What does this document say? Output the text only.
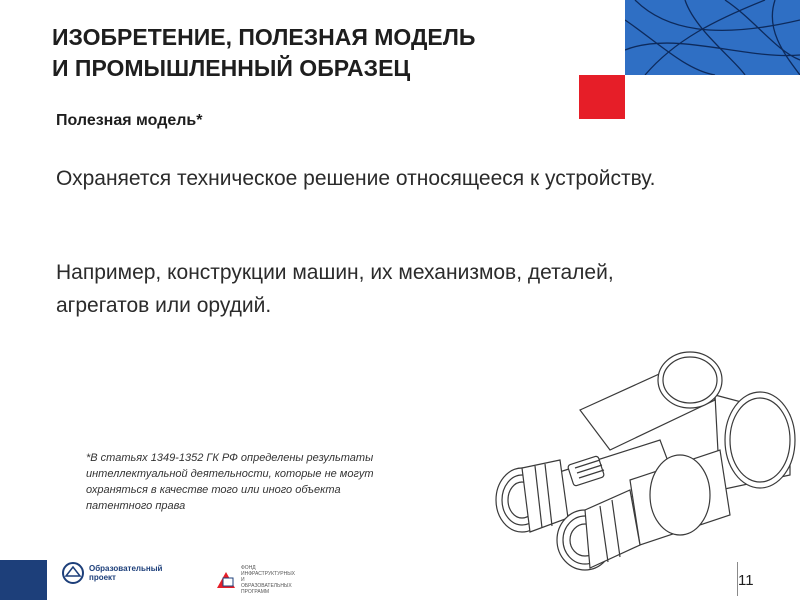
ИЗОБРЕТЕНИЕ, ПОЛЕЗНАЯ МОДЕЛЬ
И ПРОМЫШЛЕННЫЙ ОБРАЗЕЦ
Полезная модель*

Охраняется техническое решение относящееся к устройству.

Например, конструкции машин, их механизмов, деталей, агрегатов или орудий.

*В статьях 1349-1352 ГК РФ определены результаты интеллектуальной деятельности, которые не могут охраняться в качестве того или иного объекта патентного права
Образовательный проект
ФОНД ИНФРАСТРУКТУРНЫХ И ОБРАЗОВАТЕЛЬНЫХ ПРОГРАММ
11
